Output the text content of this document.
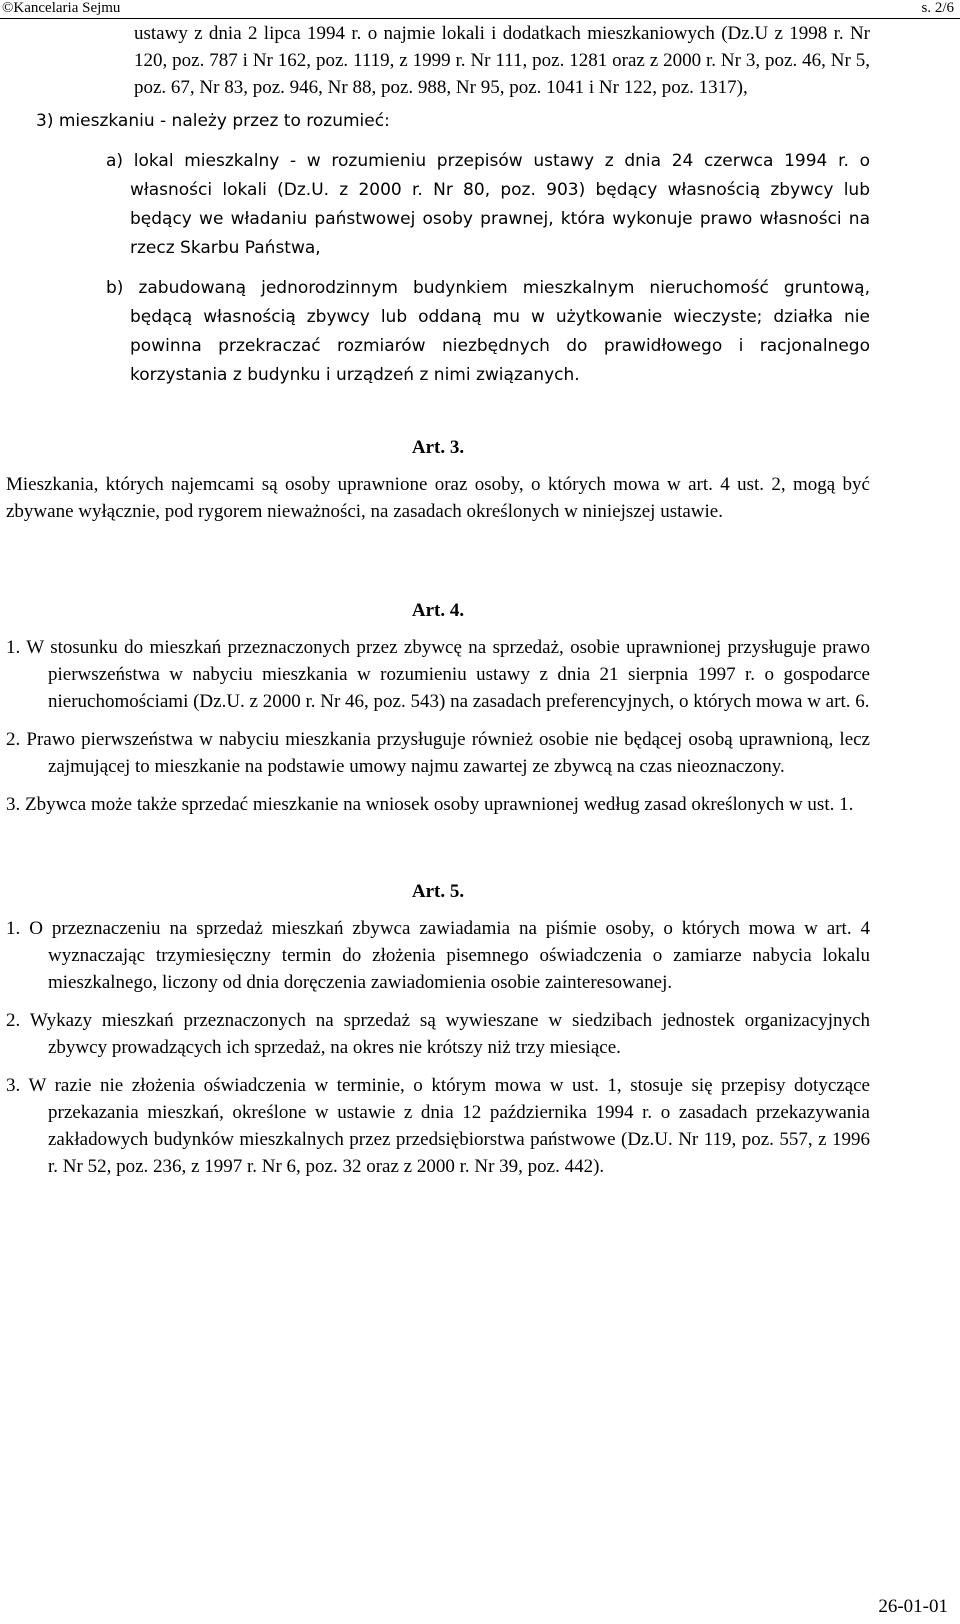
©Kancelaria Sejmu	s. 2/6
ustawy z dnia 2 lipca 1994 r. o najmie lokali i dodatkach mieszkaniowych (Dz.U z 1998 r. Nr 120, poz. 787 i Nr 162, poz. 1119, z 1999 r. Nr 111, poz. 1281 oraz z 2000 r. Nr 3, poz. 46, Nr 5, poz. 67, Nr 83, poz. 946, Nr 88, poz. 988, Nr 95, poz. 1041 i Nr 122, poz. 1317),
3) mieszkaniu - należy przez to rozumieć:
a) lokal mieszkalny - w rozumieniu przepisów ustawy z dnia 24 czerwca 1994 r. o własności lokali (Dz.U. z 2000 r. Nr 80, poz. 903) będący własnością zbywcy lub będący we władaniu państwowej osoby prawnej, która wykonuje prawo własności na rzecz Skarbu Państwa,
b) zabudowaną jednorodzinnym budynkiem mieszkalnym nieruchomość gruntową, będącą własnością zbywcy lub oddaną mu w użytkowanie wieczyste; działka nie powinna przekraczać rozmiarów niezbędnych do prawidłowego i racjonalnego korzystania z budynku i urządzeń z nimi związanych.
Art. 3.
Mieszkania, których najemcami są osoby uprawnione oraz osoby, o których mowa w art. 4 ust. 2, mogą być zbywane wyłącznie, pod rygorem nieważności, na zasadach określonych w niniejszej ustawie.
Art. 4.
1. W stosunku do mieszkań przeznaczonych przez zbywcę na sprzedaż, osobie uprawnionej przysługuje prawo pierwszeństwa w nabyciu mieszkania w rozumieniu ustawy z dnia 21 sierpnia 1997 r. o gospodarce nieruchomościami (Dz.U. z 2000 r. Nr 46, poz. 543) na zasadach preferencyjnych, o których mowa w art. 6.
2. Prawo pierwszeństwa w nabyciu mieszkania przysługuje również osobie nie będącej osobą uprawnioną, lecz zajmującej to mieszkanie na podstawie umowy najmu zawartej ze zbywcą na czas nieoznaczony.
3. Zbywca może także sprzedać mieszkanie na wniosek osoby uprawnionej według zasad określonych w ust. 1.
Art. 5.
1. O przeznaczeniu na sprzedaż mieszkań zbywca zawiadamia na piśmie osoby, o których mowa w art. 4 wyznaczając trzymiesięczny termin do złożenia pisemnego oświadczenia o zamiarze nabycia lokalu mieszkalnego, liczony od dnia doręczenia zawiadomienia osobie zainteresowanej.
2. Wykazy mieszkań przeznaczonych na sprzedaż są wywieszane w siedzibach jednostek organizacyjnych zbywcy prowadzących ich sprzedaż, na okres nie krótszy niż trzy miesiące.
3. W razie nie złożenia oświadczenia w terminie, o którym mowa w ust. 1, stosuje się przepisy dotyczące przekazania mieszkań, określone w ustawie z dnia 12 października 1994 r. o zasadach przekazywania zakładowych budynków mieszkalnych przez przedsiębiorstwa państwowe (Dz.U. Nr 119, poz. 557, z 1996 r. Nr 52, poz. 236, z 1997 r. Nr 6, poz. 32 oraz z 2000 r. Nr 39, poz. 442).
26-01-01
